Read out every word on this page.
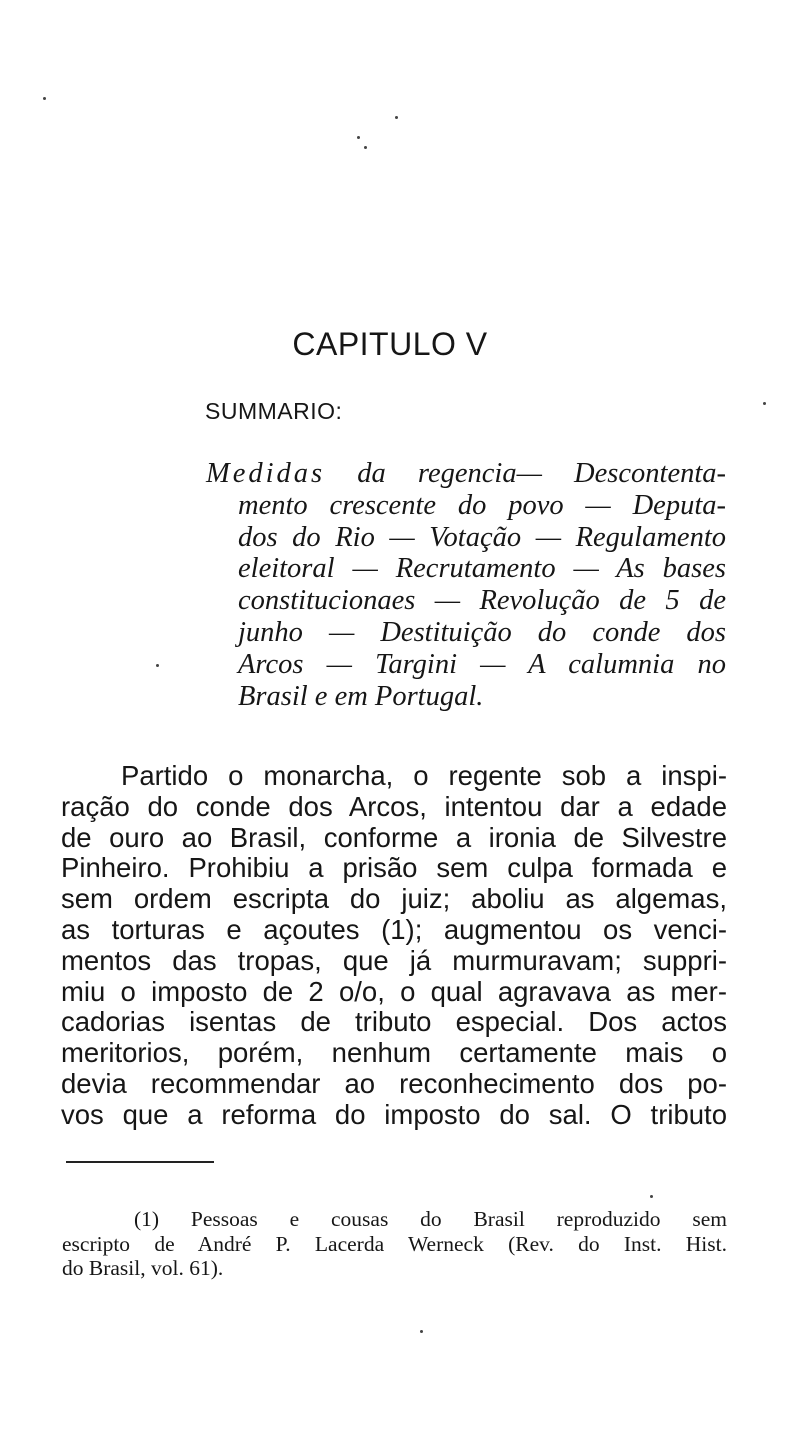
CAPITULO V
SUMMARIO:
Medidas da regencia— Descontenta-
mento crescente do povo — Deputa-
dos do Rio — Votação — Regulamento
eleitoral — Recrutamento — As bases
constitucionaes — Revolução de 5 de
junho — Destituição do conde dos
Arcos — Targini — A calumnia no
Brasil e em Portugal.
Partido o monarcha, o regente sob a inspi-
ração do conde dos Arcos, intentou dar a edade
de ouro ao Brasil, conforme a ironia de Silvestre
Pinheiro. Prohibiu a prisão sem culpa formada e
sem ordem escripta do juiz; aboliu as algemas,
as torturas e açoutes (1); augmentou os venci-
mentos das tropas, que já murmuravam; suppri-
miu o imposto de 2 o/o, o qual agravava as mer-
cadorias isentas de tributo especial. Dos actos
meritorios, porém, nenhum certamente mais o
devia recommendar ao reconhecimento dos po-
vos que a reforma do imposto do sal. O tributo
(1) Pessoas e cousas do Brasil reproduzido sem
escripto de André P. Lacerda Werneck (Rev. do Inst. Hist.
do Brasil, vol. 61).
